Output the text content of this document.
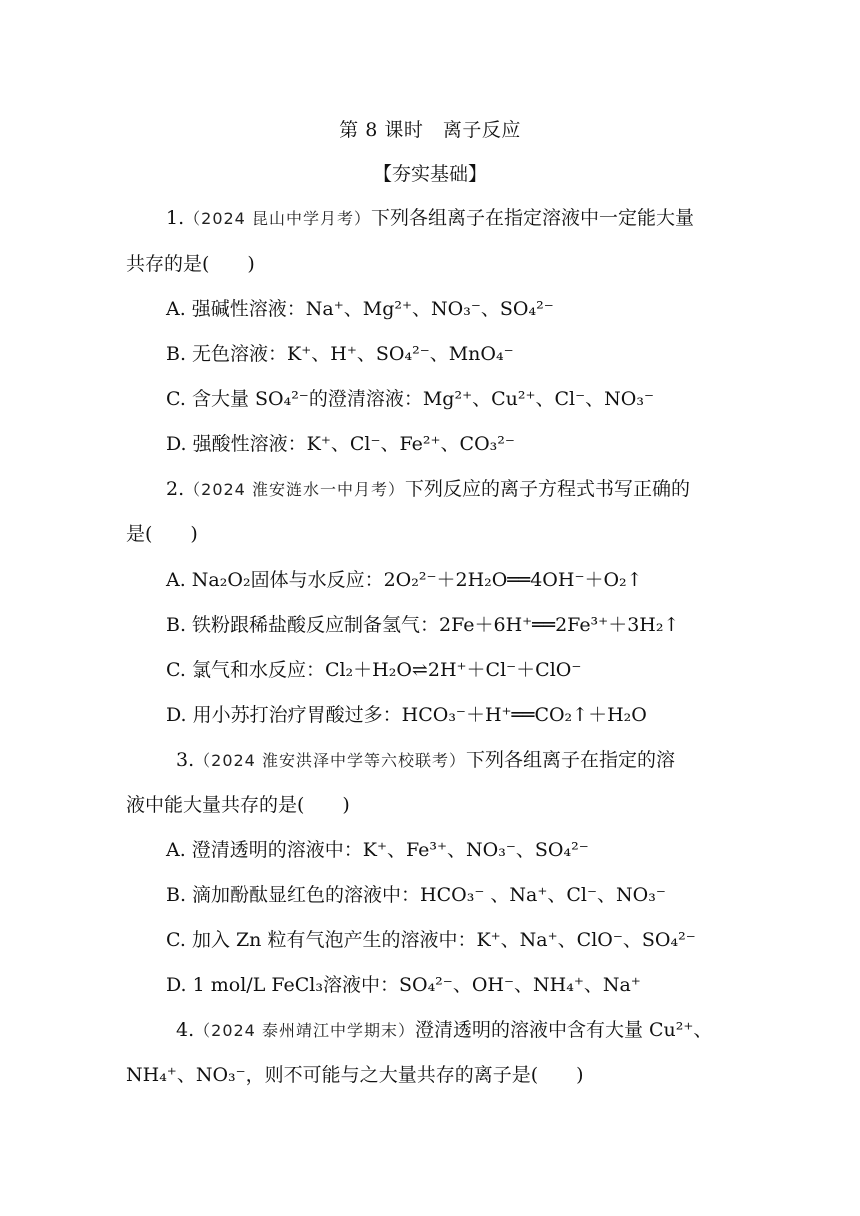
第 8 课时　离子反应
【夯实基础】
1.（2024 昆山中学月考）下列各组离子在指定溶液中一定能大量
共存的是(　　)
A. 强碱性溶液：Na⁺、Mg²⁺、NO₃⁻、SO₄²⁻
B. 无色溶液：K⁺、H⁺、SO₄²⁻、MnO₄⁻
C. 含大量 SO₄²⁻的澄清溶液：Mg²⁺、Cu²⁺、Cl⁻、NO₃⁻
D. 强酸性溶液：K⁺、Cl⁻、Fe²⁺、CO₃²⁻
2.（2024 淮安涟水一中月考）下列反应的离子方程式书写正确的
是(　　)
A. Na₂O₂固体与水反应：2O₂²⁻＋2H₂O══4OH⁻＋O₂↑
B. 铁粉跟稀盐酸反应制备氢气：2Fe＋6H⁺══2Fe³⁺＋3H₂↑
C. 氯气和水反应：Cl₂＋H₂O⇌2H⁺＋Cl⁻＋ClO⁻
D. 用小苏打治疗胃酸过多：HCO₃⁻＋H⁺══CO₂↑＋H₂O
3.（2024 淮安洪泽中学等六校联考）下列各组离子在指定的溶
液中能大量共存的是(　　)
A. 澄清透明的溶液中：K⁺、Fe³⁺、NO₃⁻、SO₄²⁻
B. 滴加酚酞显红色的溶液中：HCO₃⁻ 、Na⁺、Cl⁻、NO₃⁻
C. 加入 Zn 粒有气泡产生的溶液中：K⁺、Na⁺、ClO⁻、SO₄²⁻
D. 1 mol/L FeCl₃溶液中：SO₄²⁻、OH⁻、NH₄⁺、Na⁺
4.（2024 泰州靖江中学期末）澄清透明的溶液中含有大量 Cu²⁺、
NH₄⁺、NO₃⁻，则不可能与之大量共存的离子是(　　)
